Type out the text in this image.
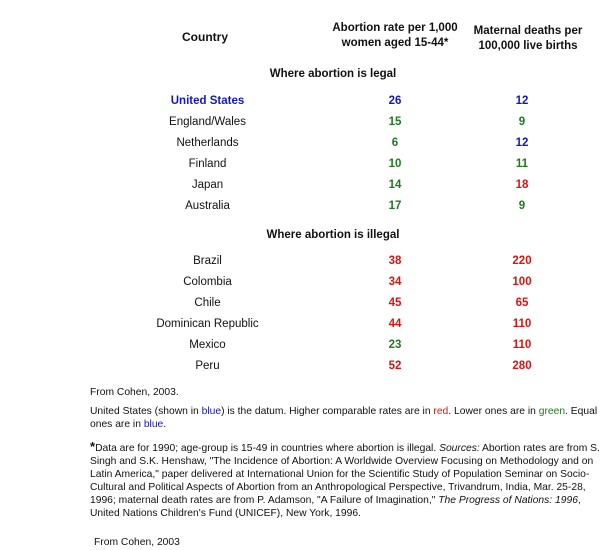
Country
Abortion rate per 1,000
women aged 15-44*
Maternal deaths per 100,000 live births
Where abortion is legal
United States	26	12
England/Wales	15	9
Netherlands	6	12
Finland	10	11
Japan	14	18
Australia	17	9
Where abortion is illegal
Brazil	38	220
Colombia	34	100
Chile	45	65
Dominican Republic	44	110
Mexico	23	110
Peru	52	280
From Cohen, 2003.
United States (shown in blue) is the datum. Higher comparable rates are in red. Lower ones are in green. Equal ones are in blue.
*Data are for 1990; age-group is 15-49 in countries where abortion is illegal. Sources: Abortion rates are from S. Singh and S.K. Henshaw, "The Incidence of Abortion: A Worldwide Overview Focusing on Methodology and on Latin America," paper delivered at International Union for the Scientific Study of Population Seminar on Socio-Cultural and Political Aspects of Abortion from an Anthropological Perspective, Trivandrum, India, Mar. 25-28, 1996; maternal death rates are from P. Adamson, "A Failure of Imagination," The Progress of Nations: 1996, United Nations Children's Fund (UNICEF), New York, 1996.
From Cohen, 2003
